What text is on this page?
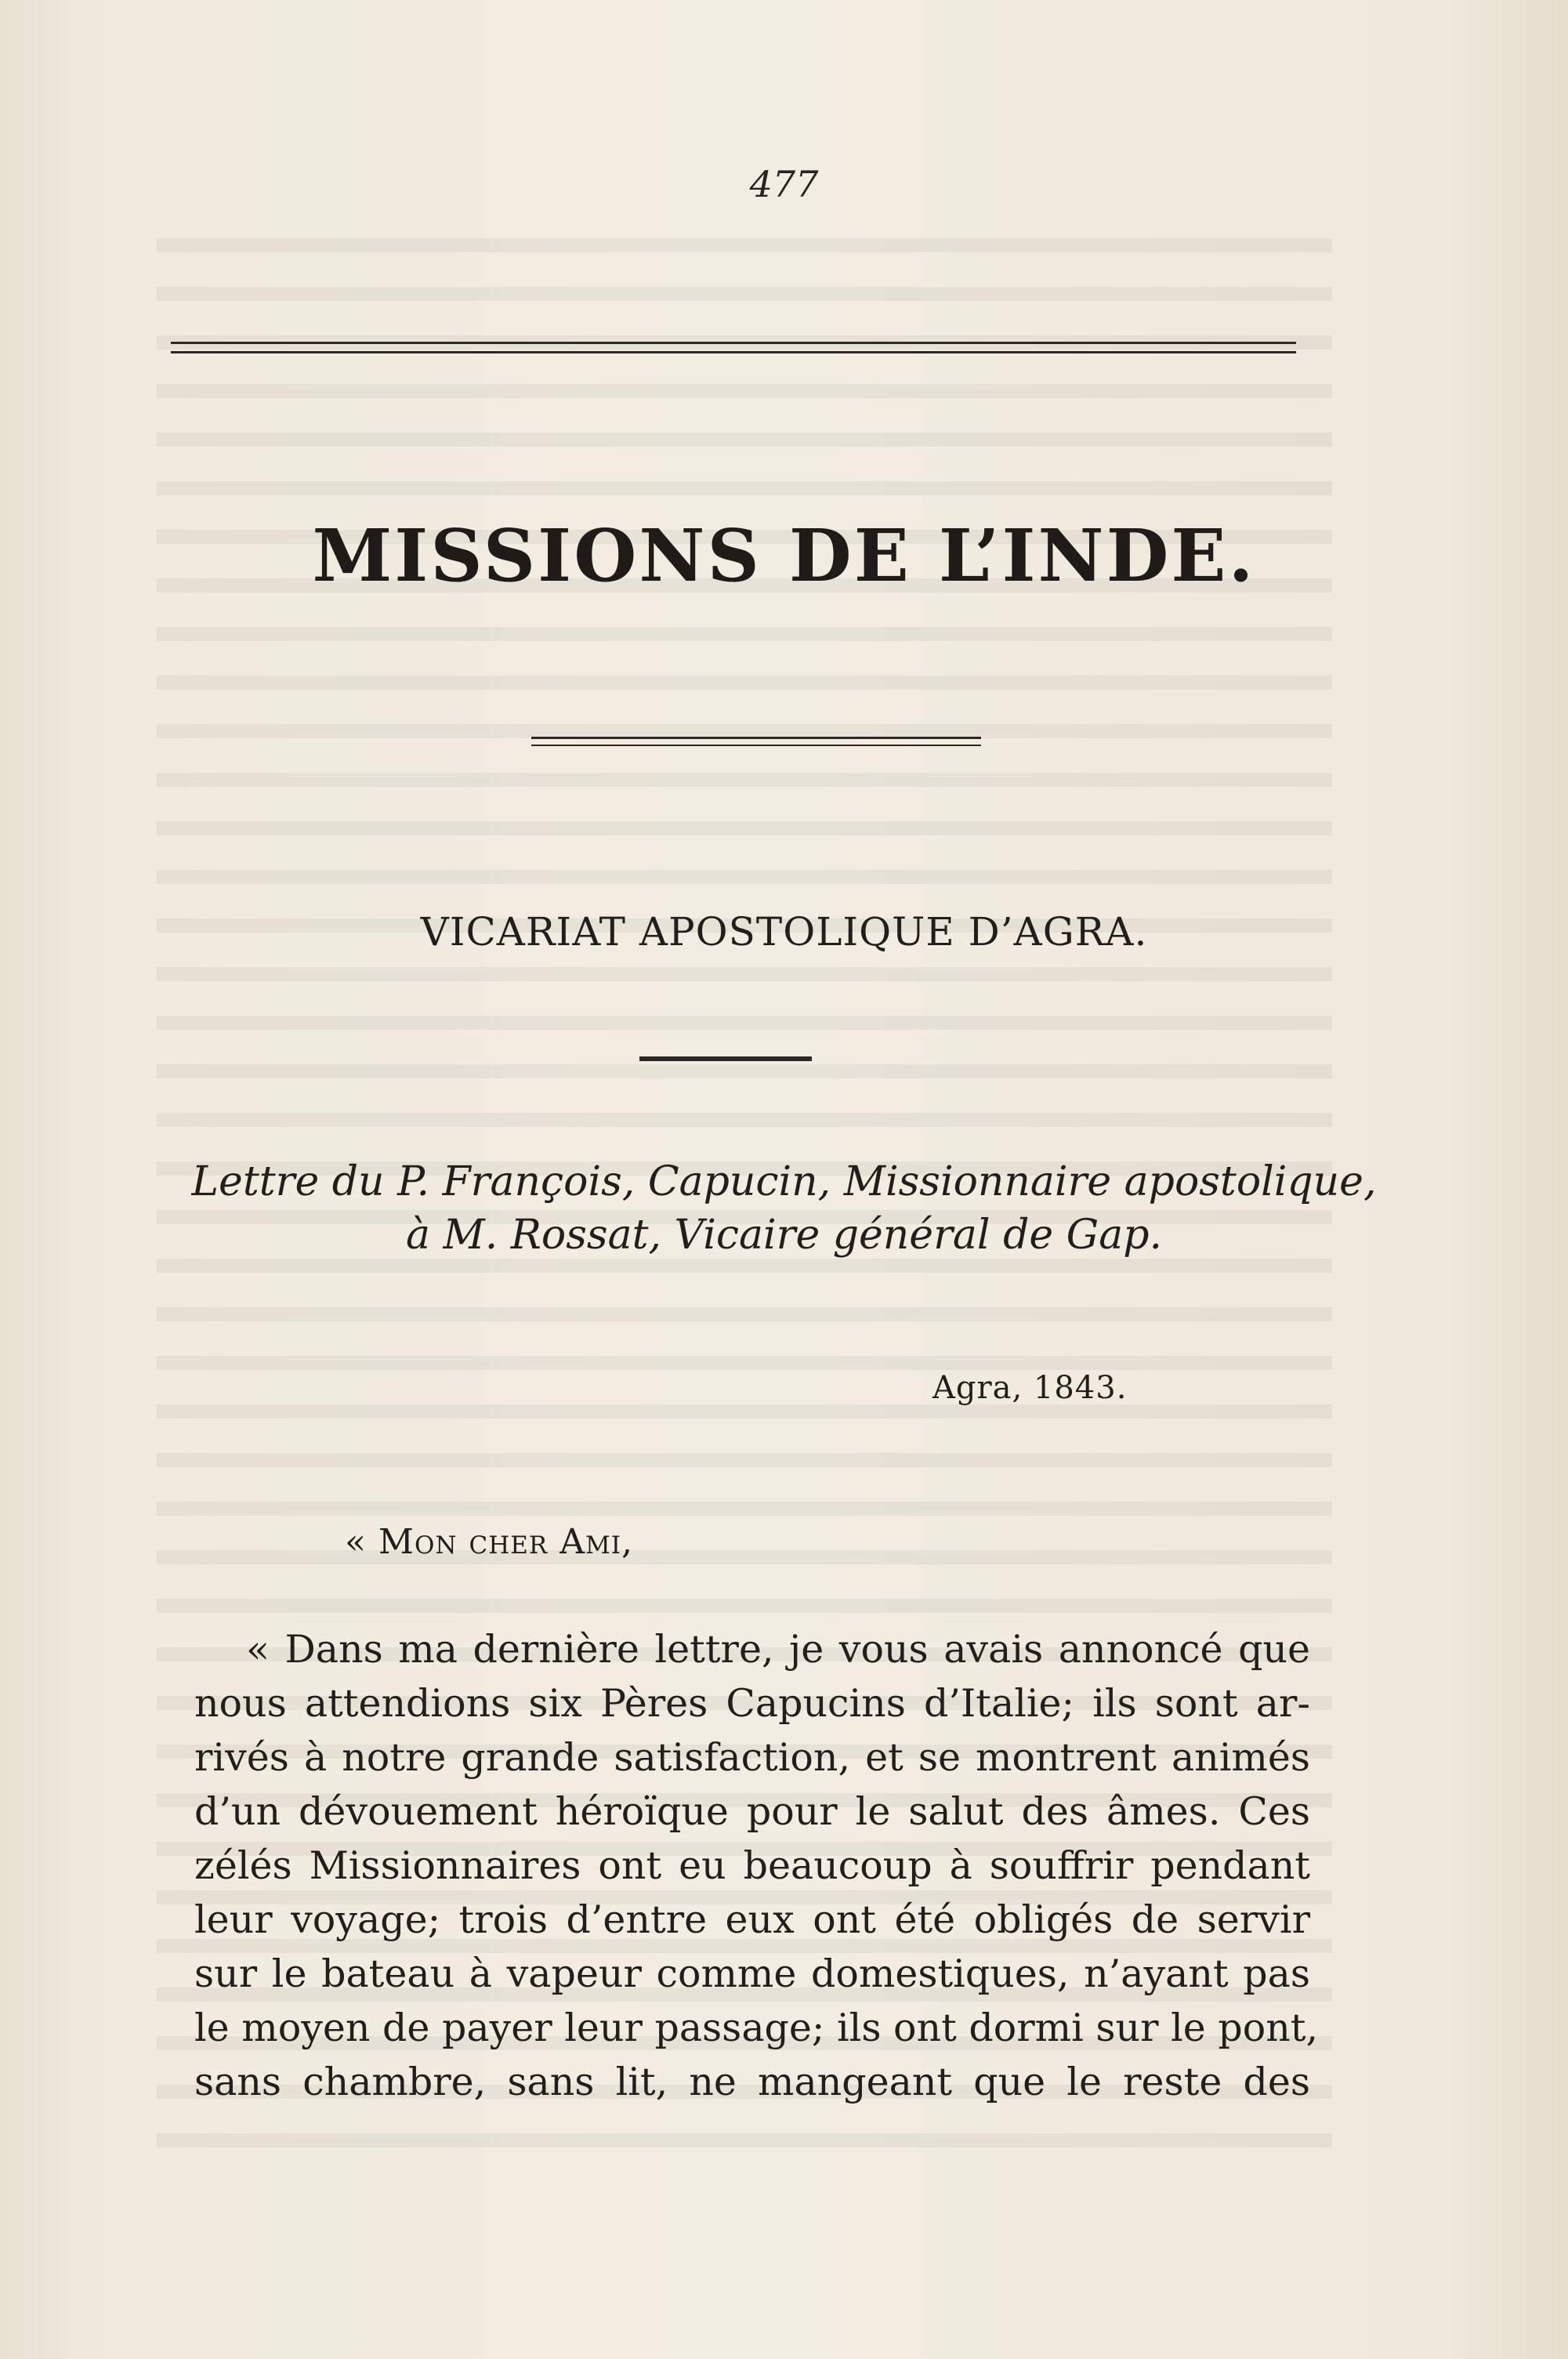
477
MISSIONS DE L’INDE.
VICARIAT APOSTOLIQUE D’AGRA.
Lettre du P. François, Capucin, Missionnaire apostolique,
à M. Rossat, Vicaire général de Gap.
Agra, 1843.
« Mon cher Ami,
« Dans ma dernière lettre, je vous avais annoncé que
nous attendions six Pères Capucins d’Italie; ils sont ar-
rivés à notre grande satisfaction, et se montrent animés
d’un dévouement héroïque pour le salut des âmes. Ces
zélés Missionnaires ont eu beaucoup à souffrir pendant
leur voyage; trois d’entre eux ont été obligés de servir
sur le bateau à vapeur comme domestiques, n’ayant pas
le moyen de payer leur passage; ils ont dormi sur le pont,
sans chambre, sans lit, ne mangeant que le reste des
